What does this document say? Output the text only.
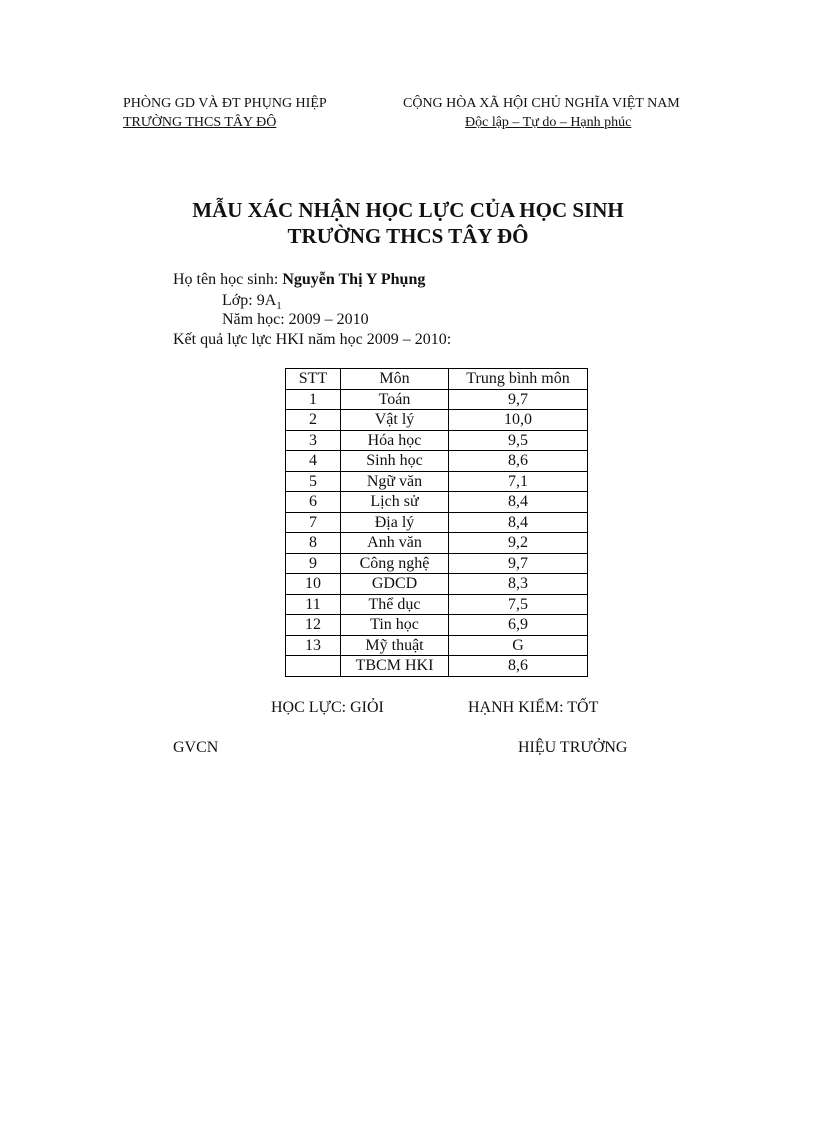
PHÒNG GD VÀ ĐT PHỤNG HIỆP
TRƯỜNG THCS TÂY ĐÔ
CỘNG HÒA XÃ HỘI CHỦ NGHĨA VIỆT NAM
Độc lập – Tự do – Hạnh phúc
MẪU XÁC NHẬN HỌC LỰC CỦA HỌC SINH
TRƯỜNG THCS TÂY ĐÔ
Họ tên học sinh: Nguyễn Thị Y Phụng
Lớp: $9A_1$
Năm học: 2009 – 2010
Kết quả lực lực HKI năm học 2009 – 2010:
STT	Môn	Trung bình môn
1	Toán	9,7
2	Vật lý	10,0
3	Hóa học	9,5
4	Sinh học	8,6
5	Ngữ văn	7,1
6	Lịch sử	8,4
7	Địa lý	8,4
8	Anh văn	9,2
9	Công nghệ	9,7
10	GDCD	8,3
11	Thể dục	7,5
12	Tin học	6,9
13	Mỹ thuật	G
	TBCM HKI	8,6
HỌC LỰC: GIỎI	HẠNH KIỂM: TỐT
GVCN	HIỆU TRƯỞNG
